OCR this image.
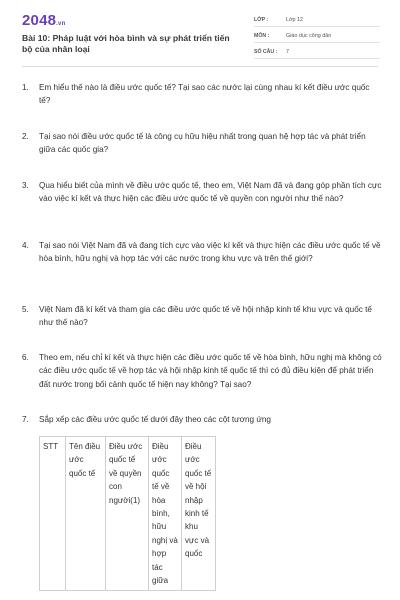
2048.vn
Bài 10: Pháp luật với hòa bình và sự phát triển tiến bộ của nhân loại
LỚP :	Lớp 12
MÔN :	Giáo dục công dân
SỐ CÂU :	7
1.	Em hiểu thế nào là điều ước quốc tế? Tại sao các nước lại cùng nhau kí kết điều ước quốc tế?
2.	Tại sao nói điều ước quốc tế là công cụ hữu hiệu nhất trong quan hệ hợp tác và phát triển giữa các quốc gia?
3.	Qua hiểu biết của mình về điều ước quốc tế, theo em, Việt Nam đã và đang góp phần tích cực vào việc kí kết và thực hiện các điều ước quốc tế về quyền con người như thế nào?
4.	Tại sao nói Việt Nam đã và đang tích cực vào việc kí kết và thực hiện các điều ước quốc tế về hòa bình, hữu nghị và hợp tác với các nước trong khu vực và trên thế giới?
5.	Việt Nam đã kí kết và tham gia các điều ước quốc tế về hội nhập kinh tế khu vực và quốc tế như thế nào?
6.	Theo em, nếu chỉ kí kết và thực hiện các điều ước quốc tế về hòa bình, hữu nghị mà không có các điều ước quốc tế về hợp tác và hội nhập kinh tế quốc tế thì có đủ điều kiện để phát triển đất nước trong bối cảnh quốc tế hiện nay không? Tại sao?
7.	Sắp xếp các điều ước quốc tế dưới đây theo các cột tương ứng
STT	Tên điều ước quốc tế	Điều ước quốc tế về quyền con người(1)	Điều ước quốc tế về hòa bình, hữu nghị và hợp tác giữa	Điều ước quốc tế về hội nhập kinh tế khu vực và quốc
